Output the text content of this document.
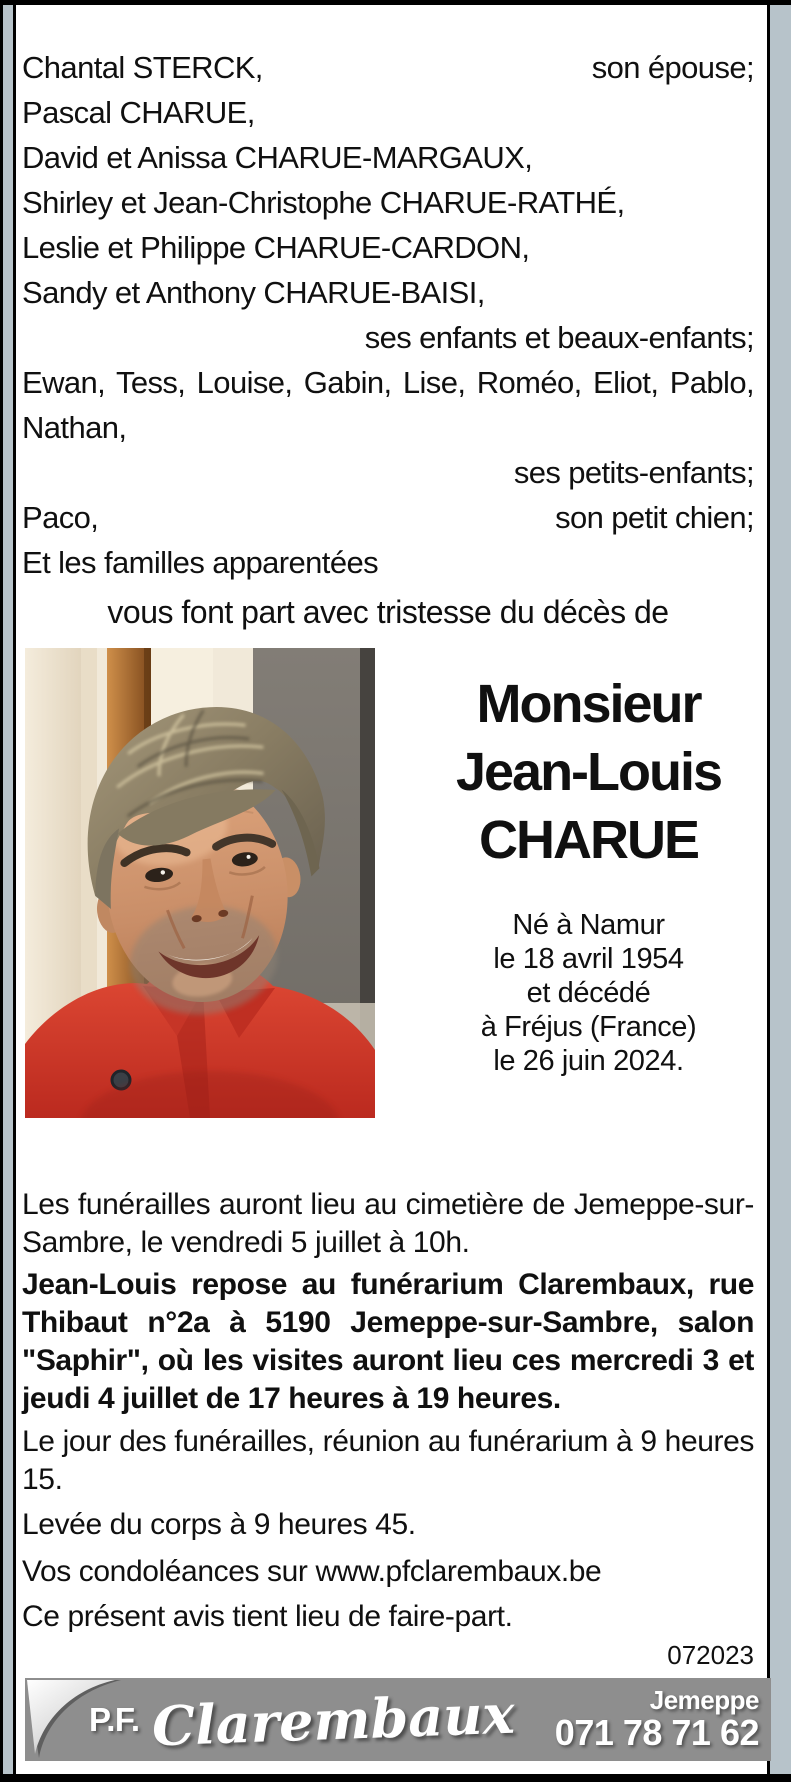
Chantal STERCK,	son épouse;
Pascal CHARUE,
David et Anissa CHARUE-MARGAUX,
Shirley et Jean-Christophe CHARUE-RATHÉ,
Leslie et Philippe CHARUE-CARDON,
Sandy et Anthony CHARUE-BAISI,
ses enfants et beaux-enfants;
Ewan, Tess, Louise, Gabin, Lise, Roméo, Eliot, Pablo,
Nathan,
ses petits-enfants;
Paco,	son petit chien;
Et les familles apparentées
vous font part avec tristesse du décès de
Monsieur
Jean-Louis
CHARUE
Né à Namur
le 18 avril 1954
et décédé
à Fréjus (France)
le 26 juin 2024.
Les funérailles auront lieu au cimetière de Jemeppe-sur-Sambre, le vendredi 5 juillet à 10h.
Jean-Louis repose au funérarium Clarembaux, rue Thibaut n°2a à 5190 Jemeppe-sur-Sambre, salon "Saphir", où les visites auront lieu ces mercredi 3 et jeudi 4 juillet de 17 heures à 19 heures.
Le jour des funérailles, réunion au funérarium à 9 heures 15.
Levée du corps à 9 heures 45.
Vos condoléances sur www.pfclarembaux.be
Ce présent avis tient lieu de faire-part.
072023
P.F. Clarembaux	Jemeppe
071 78 71 62
